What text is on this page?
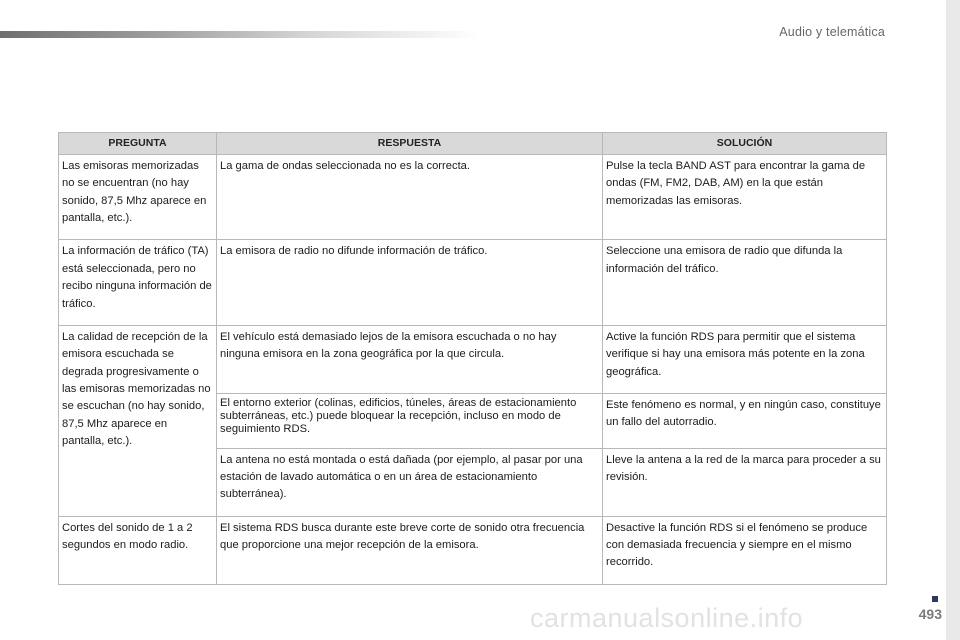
Audio y telemática
PREGUNTA	RESPUESTA	SOLUCIÓN
Las emisoras memorizadas no se encuentran (no hay sonido, 87,5 Mhz aparece en pantalla, etc.).	La gama de ondas seleccionada no es la correcta.	Pulse la tecla BAND AST para encontrar la gama de ondas (FM, FM2, DAB, AM) en la que están memorizadas las emisoras.
La información de tráfico (TA) está seleccionada, pero no recibo ninguna información de tráfico.	La emisora de radio no difunde información de tráfico.	Seleccione una emisora de radio que difunda la información del tráfico.
La calidad de recepción de la emisora escuchada se degrada progresivamente o las emisoras memorizadas no se escuchan (no hay sonido, 87,5 Mhz aparece en pantalla, etc.).	El vehículo está demasiado lejos de la emisora escuchada o no hay ninguna emisora en la zona geográfica por la que circula.	Active la función RDS para permitir que el sistema verifique si hay una emisora más potente en la zona geográfica.
	El entorno exterior (colinas, edificios, túneles, áreas de estacionamiento subterráneas, etc.) puede bloquear la recepción, incluso en modo de seguimiento RDS.	Este fenómeno es normal, y en ningún caso, constituye un fallo del autorradio.
	La antena no está montada o está dañada (por ejemplo, al pasar por una estación de lavado automática o en un área de estacionamiento subterránea).	Lleve la antena a la red de la marca para proceder a su revisión.
Cortes del sonido de 1 a 2 segundos en modo radio.	El sistema RDS busca durante este breve corte de sonido otra frecuencia que proporcione una mejor recepción de la emisora.	Desactive la función RDS si el fenómeno se produce con demasiada frecuencia y siempre en el mismo recorrido.
493
carmanualsonline.info
